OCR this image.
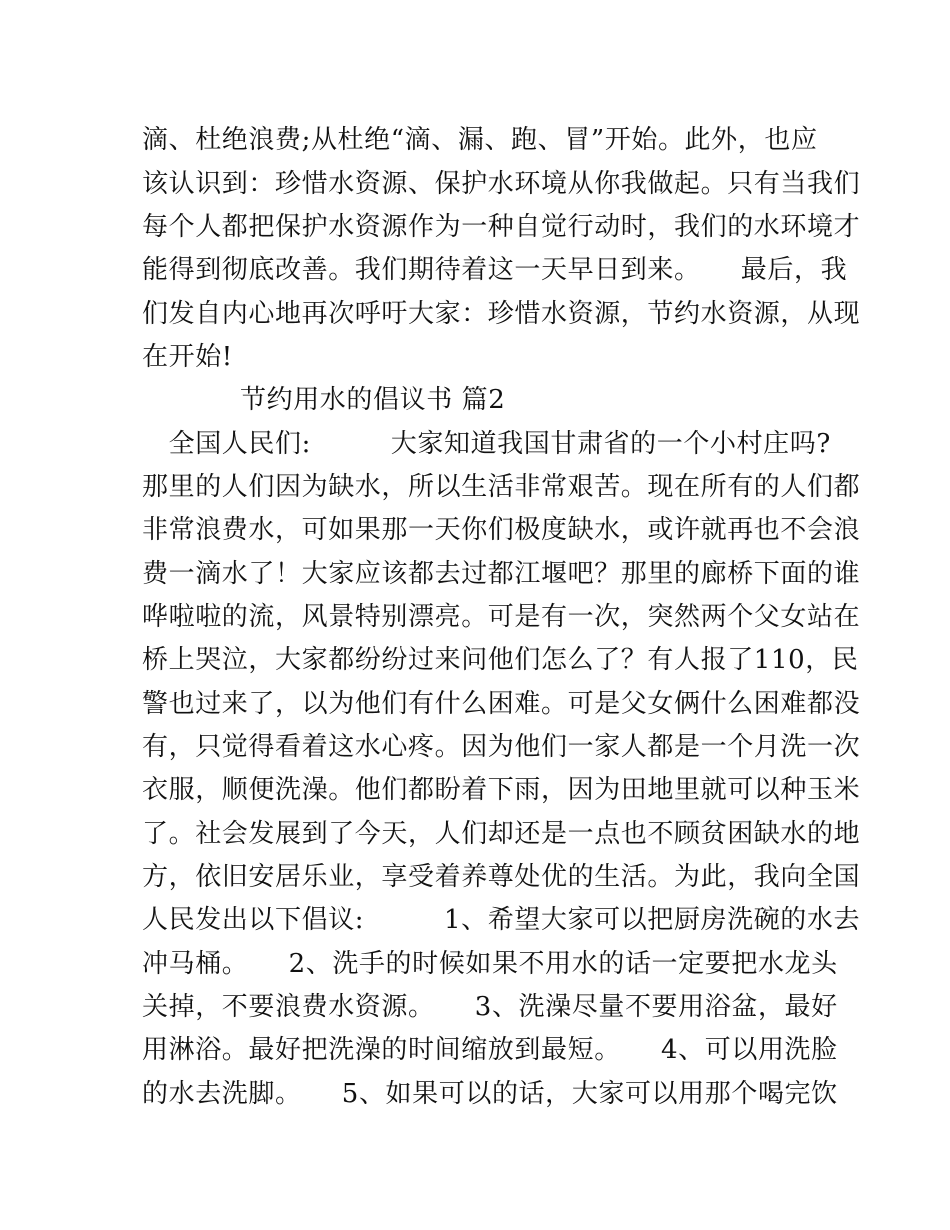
滴、杜绝浪费;从杜绝“滴、漏、跑、冒”开始。此外，也应
该认识到：珍惜水资源、保护水环境从你我做起。只有当我们
每个人都把保护水资源作为一种自觉行动时，我们的水环境才
能得到彻底改善。我们期待着这一天早日到来。　　最后，我
们发自内心地再次呼吁大家：珍惜水资源，节约水资源，从现
在开始!
节约用水的倡议书 篇2
　全国人民们:　　　大家知道我国甘肃省的一个小村庄吗?
那里的人们因为缺水，所以生活非常艰苦。现在所有的人们都
非常浪费水，可如果那一天你们极度缺水，或许就再也不会浪
费一滴水了！大家应该都去过都江堰吧？那里的廊桥下面的谁
哗啦啦的流，风景特别漂亮。可是有一次，突然两个父女站在
桥上哭泣，大家都纷纷过来问他们怎么了？有人报了110，民
警也过来了，以为他们有什么困难。可是父女俩什么困难都没
有，只觉得看着这水心疼。因为他们一家人都是一个月洗一次
衣服，顺便洗澡。他们都盼着下雨，因为田地里就可以种玉米
了。社会发展到了今天，人们却还是一点也不顾贫困缺水的地
方，依旧安居乐业，享受着养尊处优的生活。为此，我向全国
人民发出以下倡议:　　　1、希望大家可以把厨房洗碗的水去
冲马桶。　　2、洗手的时候如果不用水的话一定要把水龙头
关掉，不要浪费水资源。　　3、洗澡尽量不要用浴盆，最好
用淋浴。最好把洗澡的时间缩放到最短。　　4、可以用洗脸
的水去洗脚。　　5、如果可以的话，大家可以用那个喝完饮
